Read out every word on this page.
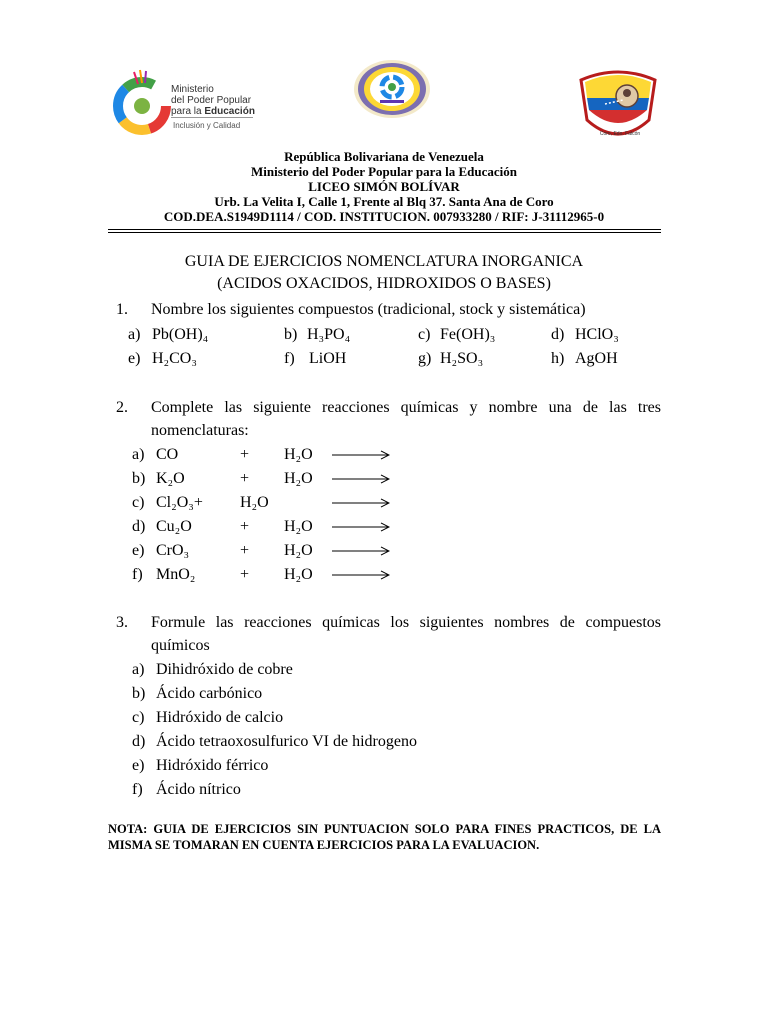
Ministerio
del Poder Popular
para la Educación
Inclusión y Calidad
Coro, Edo. Falcón
República Bolivariana de Venezuela
Ministerio del Poder Popular para la Educación
LICEO SIMÓN BOLÍVAR
Urb. La Velita I, Calle 1, Frente al Blq 37. Santa Ana de Coro
COD.DEA.S1949D1114 / COD. INSTITUCION. 007933280 / RIF: J-31112965-0
GUIA DE EJERCICIOS NOMENCLATURA INORGANICA
(ACIDOS OXACIDOS, HIDROXIDOS O BASES)
1. Nombre los siguientes compuestos (tradicional, stock y sistemática)
a) Pb(OH)₄	b) H₃PO₄	c) Fe(OH)₃	d) HClO₃
e) H₂CO₃	f) LiOH	g) H₂SO₃	h) AgOH
2. Complete las siguiente reacciones químicas y nombre una de las tres
nomenclaturas:
a) CO	+ H₂O
b) K₂O	+ H₂O
c) Cl₂O₃+ H₂O
d) Cu₂O	+ H₂O
e) CrO₃	+ H₂O
f) MnO₂	+ H₂O
3. Formule las reacciones químicas los siguientes nombres de compuestos
químicos
a) Dihidróxido de cobre
b) Ácido carbónico
c) Hidróxido de calcio
d) Ácido tetraoxosulfurico VI de hidrogeno
e) Hidróxido férrico
f) Ácido nítrico
NOTA: GUIA DE EJERCICIOS SIN PUNTUACION SOLO PARA FINES PRACTICOS, DE LA MISMA SE TOMARAN EN CUENTA EJERCICIOS PARA LA EVALUACION.
